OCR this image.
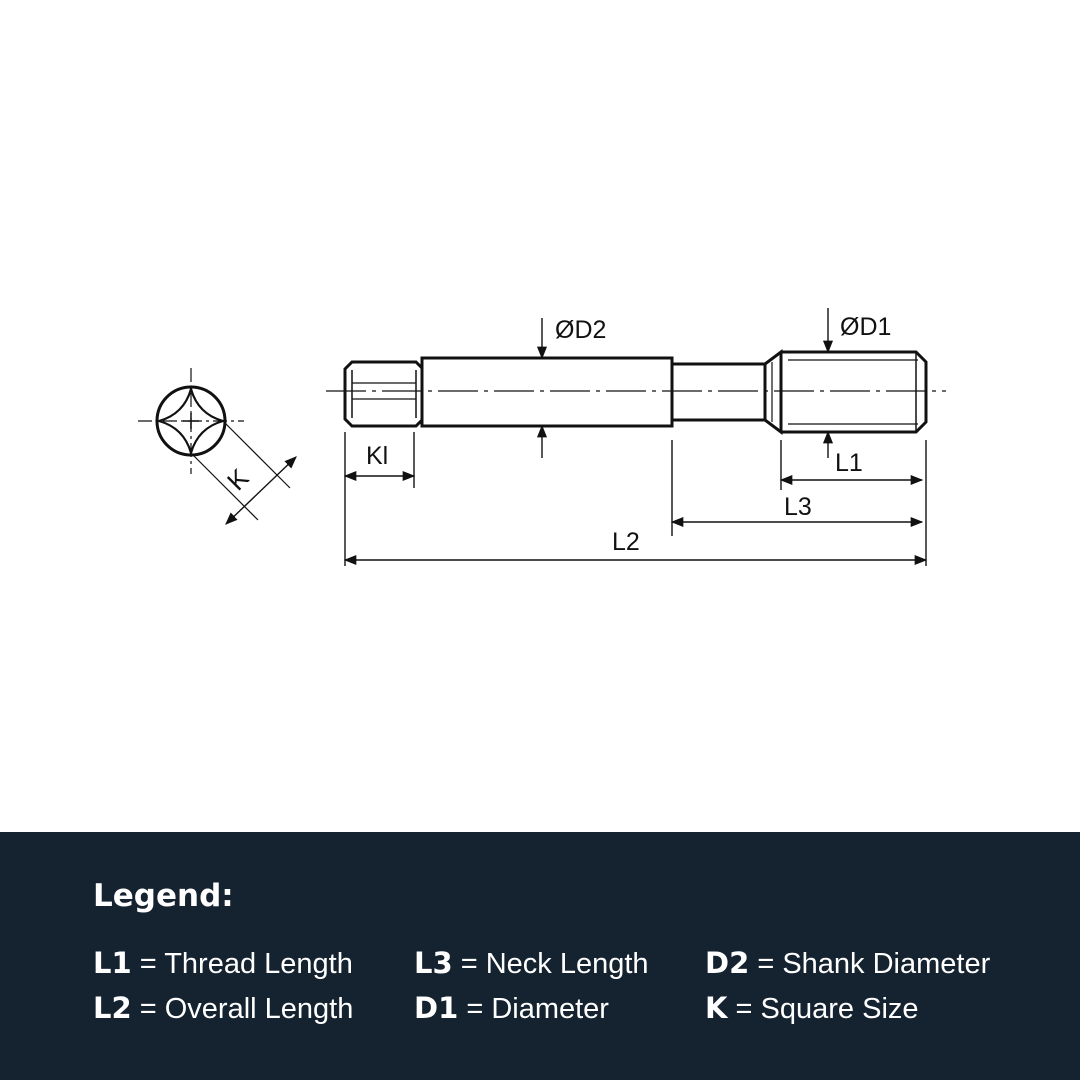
ØD2	ØD1
Kl	L1
L3
L2
K
Legend:
L1 = Thread Length L3 = Neck Length D2 = Shank Diameter
L2 = Overall Length D1 = Diameter	K = Square Size
